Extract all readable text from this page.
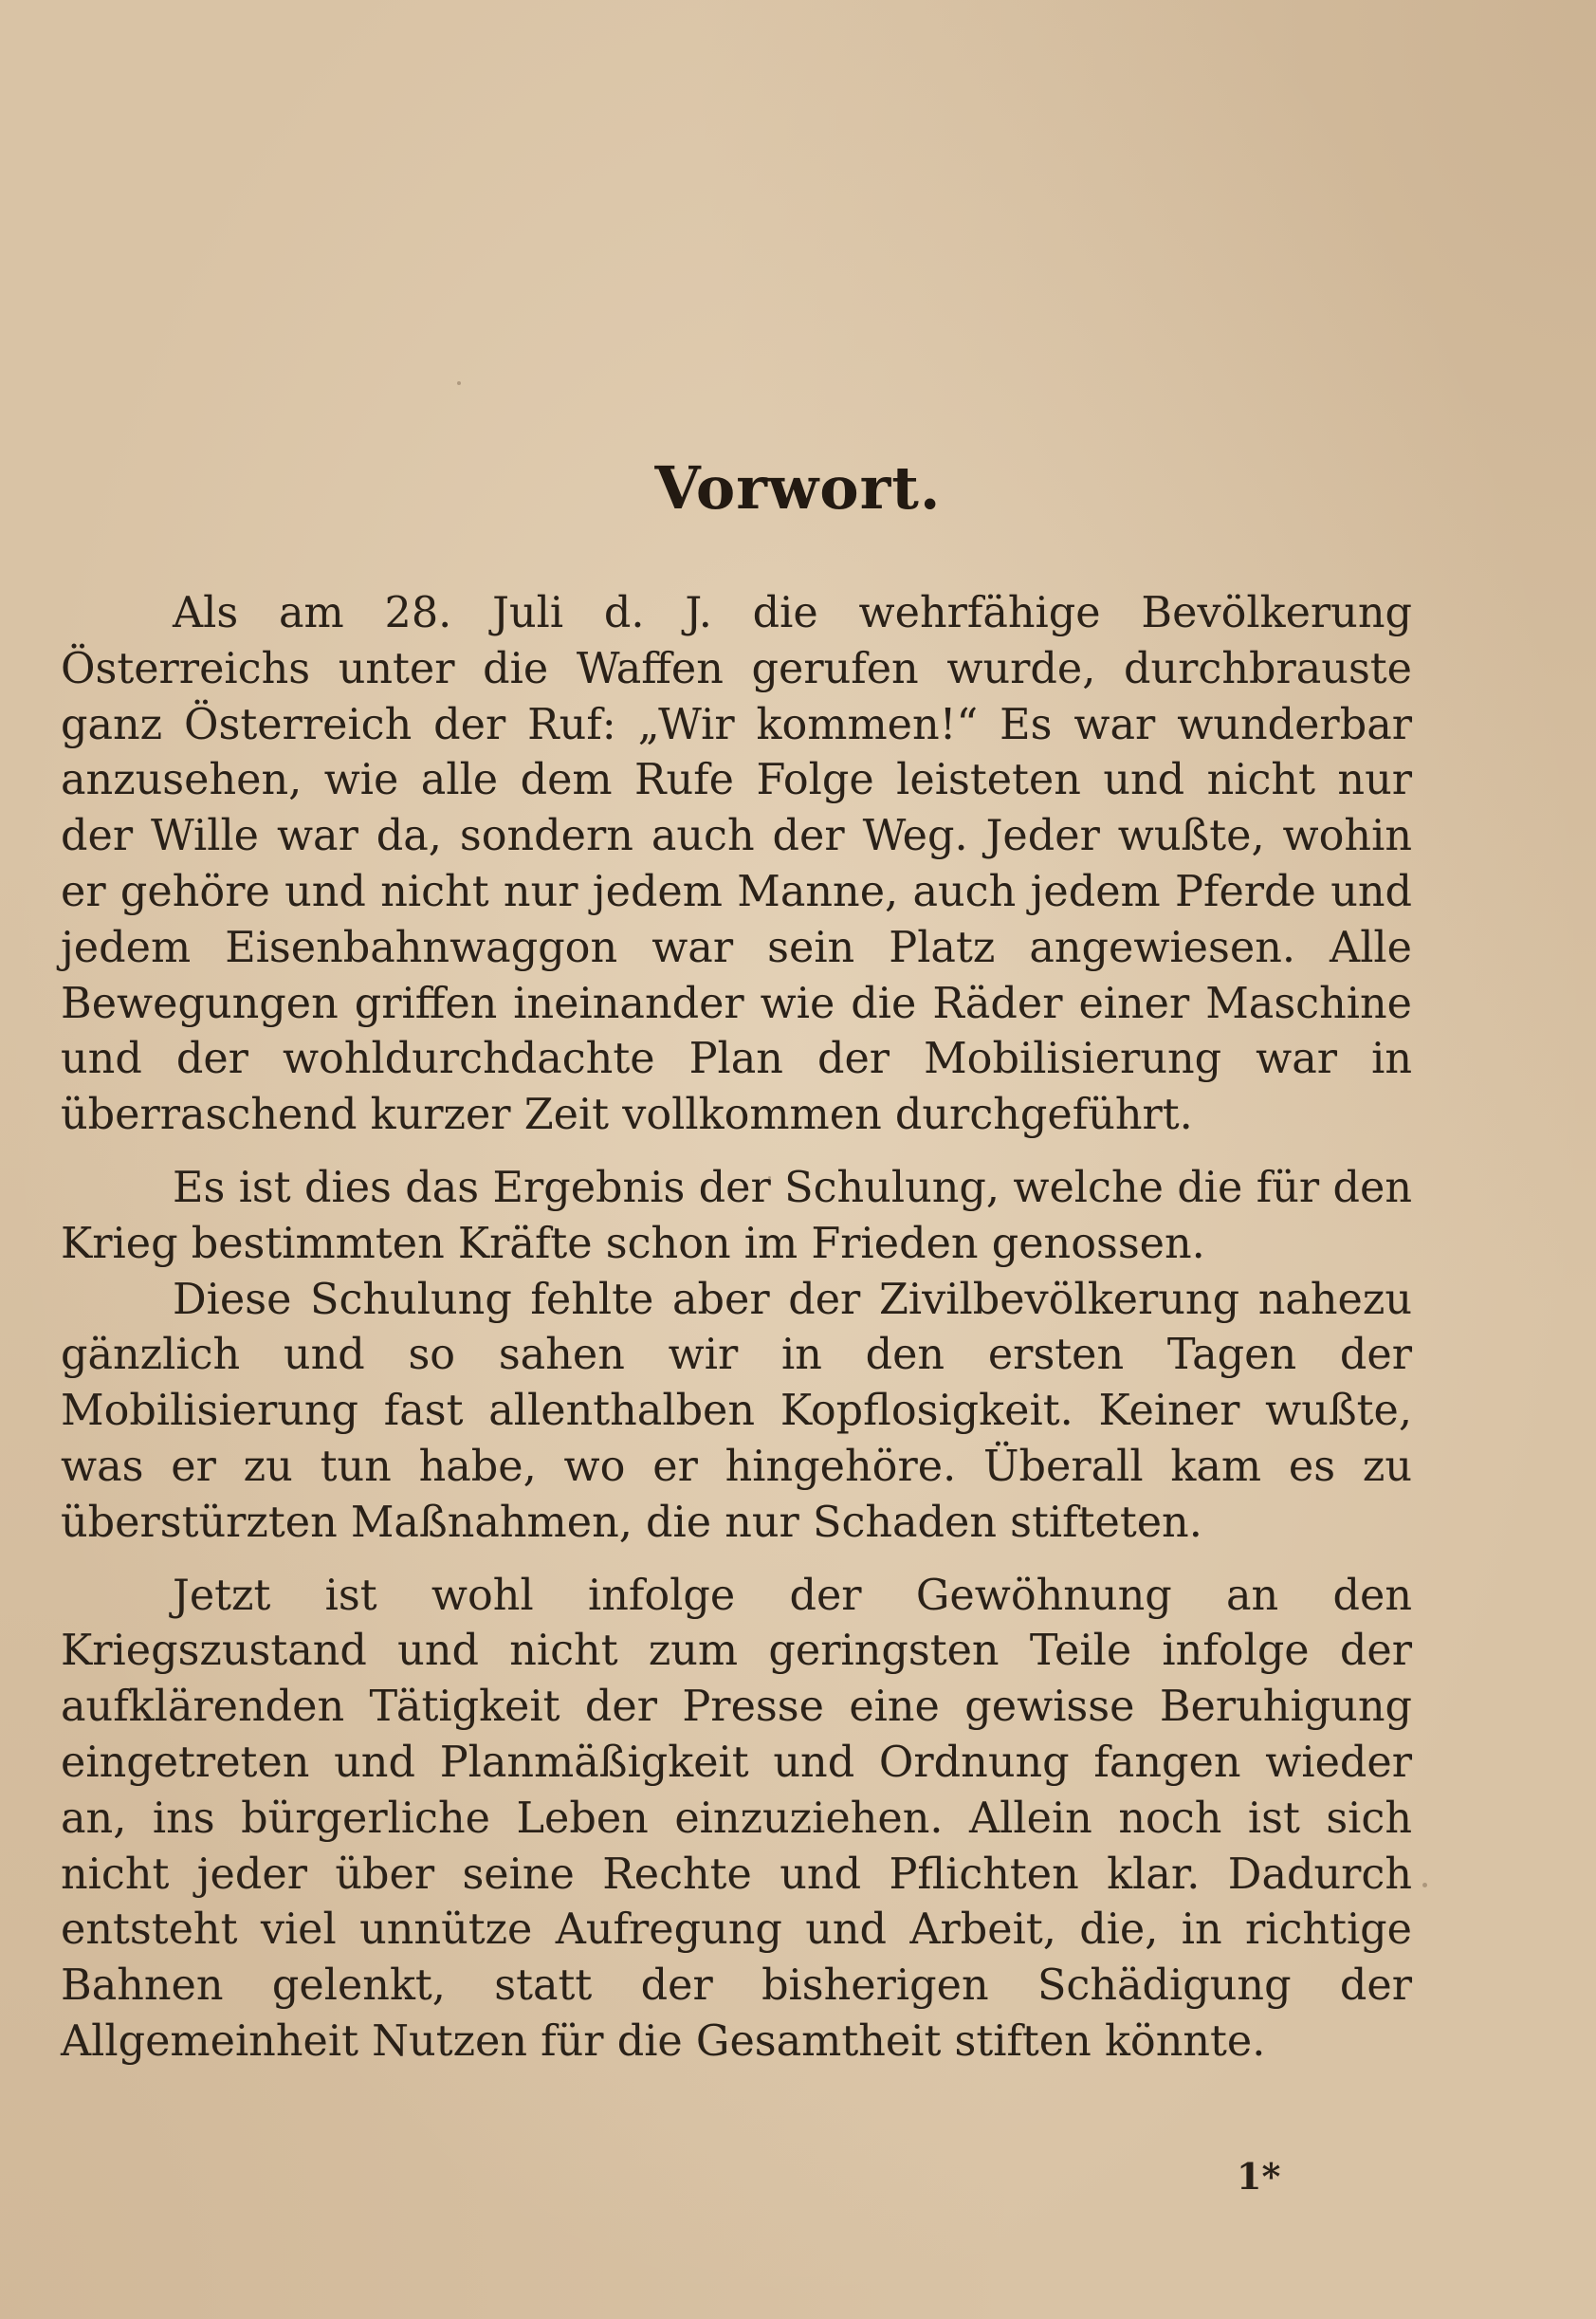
Vorwort.

Als am 28. Juli d. J. die wehrfähige Bevölkerung Österreichs unter die Waffen gerufen wurde, durchbrauste ganz Österreich der Ruf: „Wir kommen!“ Es war wunderbar anzusehen, wie alle dem Rufe Folge leisteten und nicht nur der Wille war da, sondern auch der Weg. Jeder wußte, wohin er gehöre und nicht nur jedem Manne, auch jedem Pferde und jedem Eisenbahnwaggon war sein Platz angewiesen. Alle Bewegungen griffen ineinander wie die Räder einer Maschine und der wohldurchdachte Plan der Mobilisierung war in überraschend kurzer Zeit vollkommen durchgeführt.

Es ist dies das Ergebnis der Schulung, welche die für den Krieg bestimmten Kräfte schon im Frieden genossen.

Diese Schulung fehlte aber der Zivilbevölkerung nahezu gänzlich und so sahen wir in den ersten Tagen der Mobilisierung fast allenthalben Kopflosigkeit. Keiner wußte, was er zu tun habe, wo er hingehöre. Überall kam es zu überstürzten Maßnahmen, die nur Schaden stifteten.

Jetzt ist wohl infolge der Gewöhnung an den Kriegszustand und nicht zum geringsten Teile infolge der aufklärenden Tätigkeit der Presse eine gewisse Beruhigung eingetreten und Planmäßigkeit und Ordnung fangen wieder an, ins bürgerliche Leben einzuziehen. Allein noch ist sich nicht jeder über seine Rechte und Pflichten klar. Dadurch entsteht viel unnütze Aufregung und Arbeit, die, in richtige Bahnen gelenkt, statt der bisherigen Schädigung der Allgemeinheit Nutzen für die Gesamtheit stiften könnte.

1*
